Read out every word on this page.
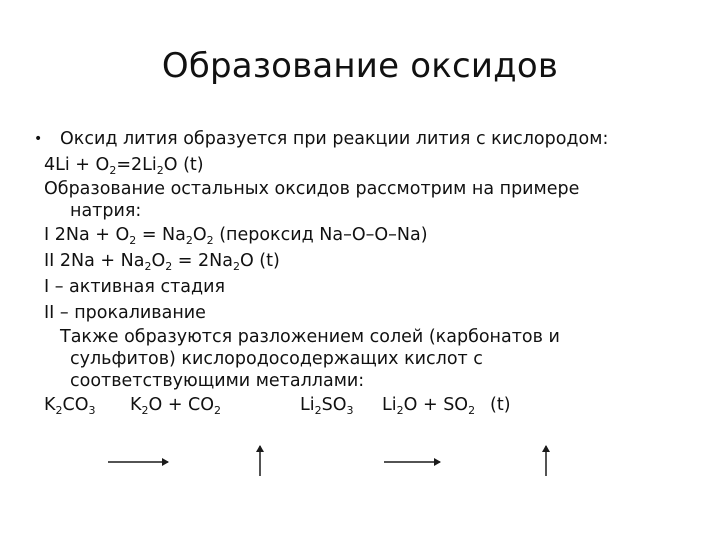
Образование оксидов
• Оксид лития образуется при реакции лития с кислородом:
$4Li + O_2=2Li_2O$ (t)
Образование остальных оксидов рассмотрим на примере
натрия:
I $2Na + O_2 = Na_2O_2$ (пероксид Na–O–O–Na)
II $2Na + Na_2O_2 = 2Na_2O$ (t)
I – активная стадия
II – прокаливание
Также образуются разложением солей (карбонатов и
сульфитов) кислородосодержащих кислот с
соответствующими металлами:
$K_2CO_3$ $K_2O + CO_2$	$Li_2SO_3$ $Li_2O + SO_2$ (t)
